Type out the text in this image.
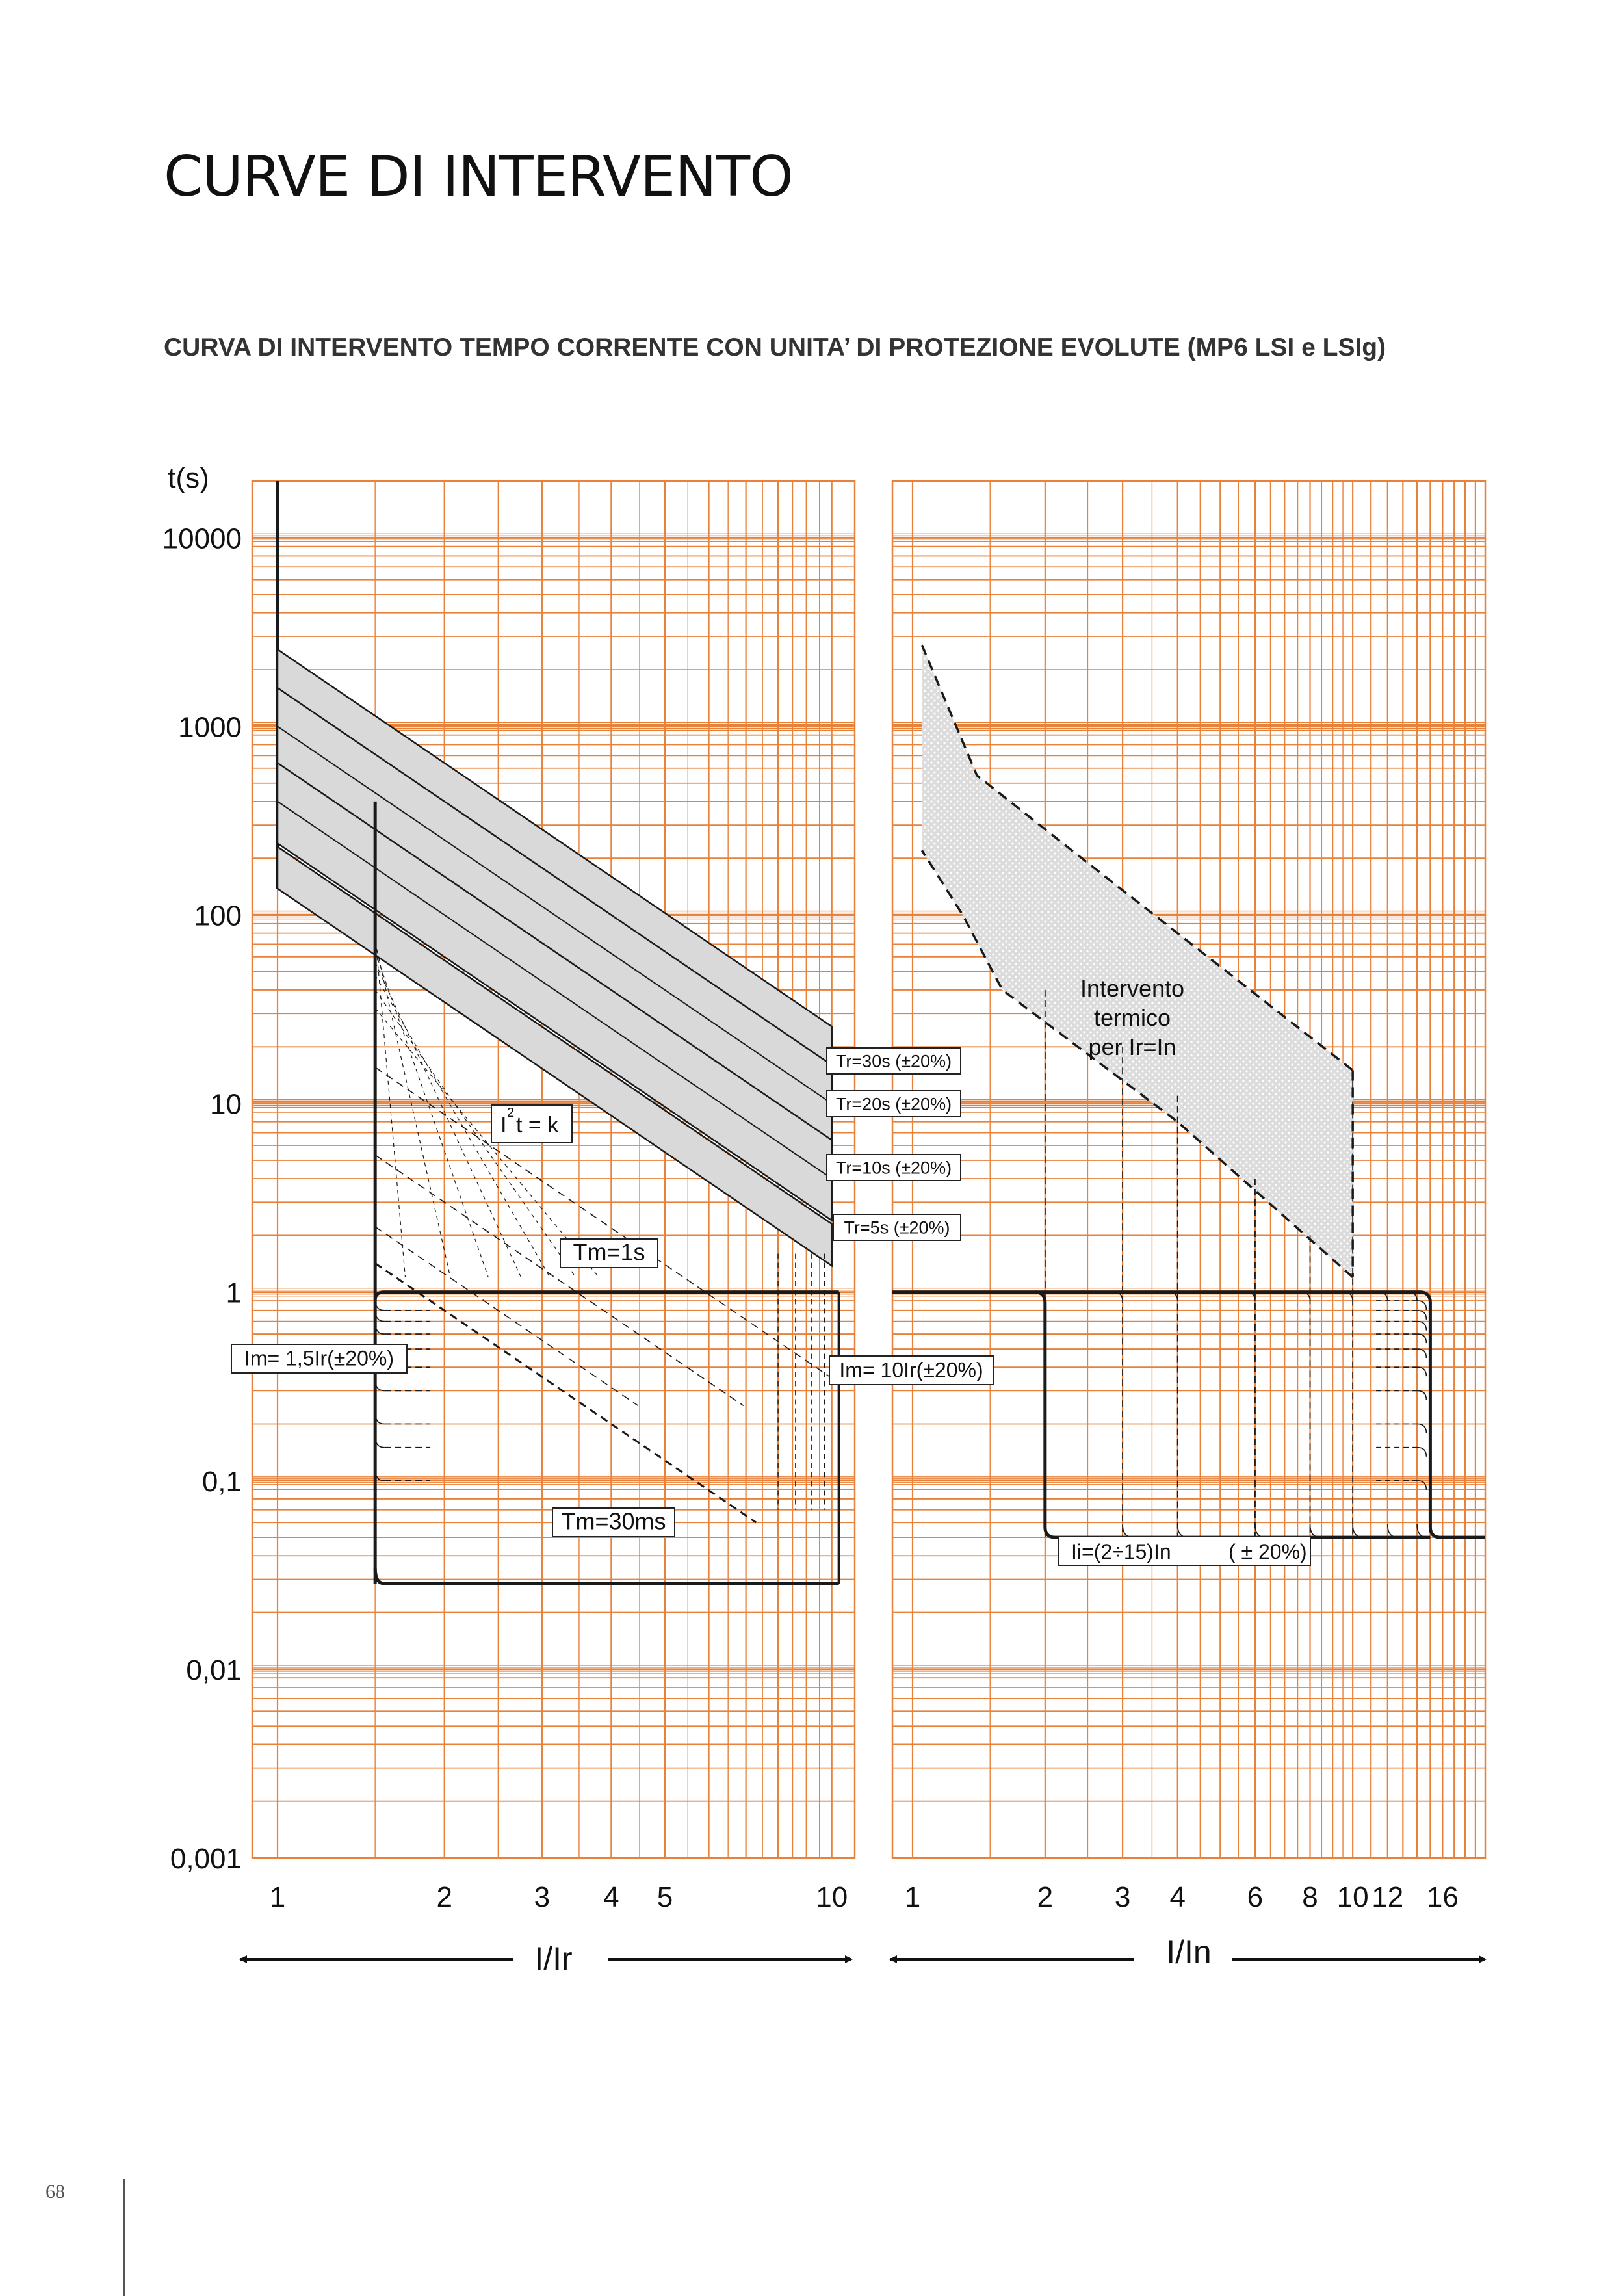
CURVE DI INTERVENTO
CURVA DI INTERVENTO TEMPO CORRENTE CON UNITA’ DI PROTEZIONE EVOLUTE (MP6 LSI e LSIg)
t(s)
0,001
0,01
0,1
1
10
100
1000
10000
1	2	3 4 5	10 1	2 3 4 6 8 10 12 16
I/Ir	I/In
Tr=30s (±20%)
Tr=20s (±20%)
Tr=10s (±20%)
Tr=5s (±20%)
Tm=1s
Tm=30ms
Im= 1,5Ir(±20%)	Im= 10Ir(±20%)
I 2 t = k
Intervento
termico
per Ir=In
Ii=(2÷15)In	( ± 20%)
68
